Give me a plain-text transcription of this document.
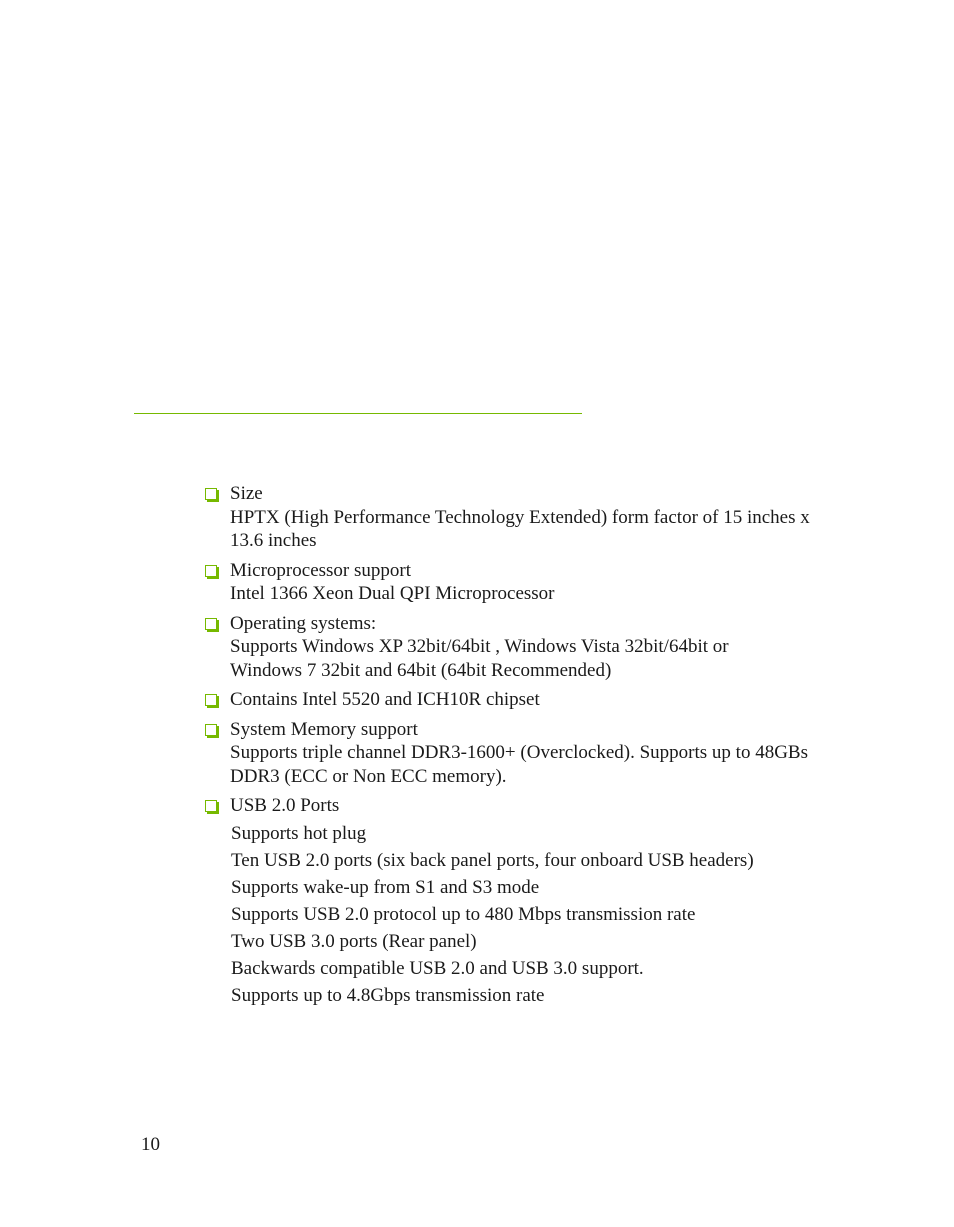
Size
HPTX (High Performance Technology Extended) form factor of 15 inches x
13.6 inches
Microprocessor support
Intel 1366 Xeon Dual QPI Microprocessor
Operating systems:
Supports Windows XP 32bit/64bit , Windows Vista 32bit/64bit or
Windows 7 32bit and 64bit (64bit Recommended)
Contains Intel 5520 and ICH10R chipset
System Memory support
Supports triple channel DDR3-1600+ (Overclocked). Supports up to 48GBs
DDR3 (ECC or Non ECC memory).
USB 2.0 Ports
Supports hot plug
Ten USB 2.0 ports (six back panel ports, four onboard USB headers)
Supports wake-up from S1 and S3 mode
Supports USB 2.0 protocol up to 480 Mbps transmission rate
Two USB 3.0 ports (Rear panel)
Backwards compatible USB 2.0 and USB 3.0 support.
Supports up to 4.8Gbps transmission rate
10
